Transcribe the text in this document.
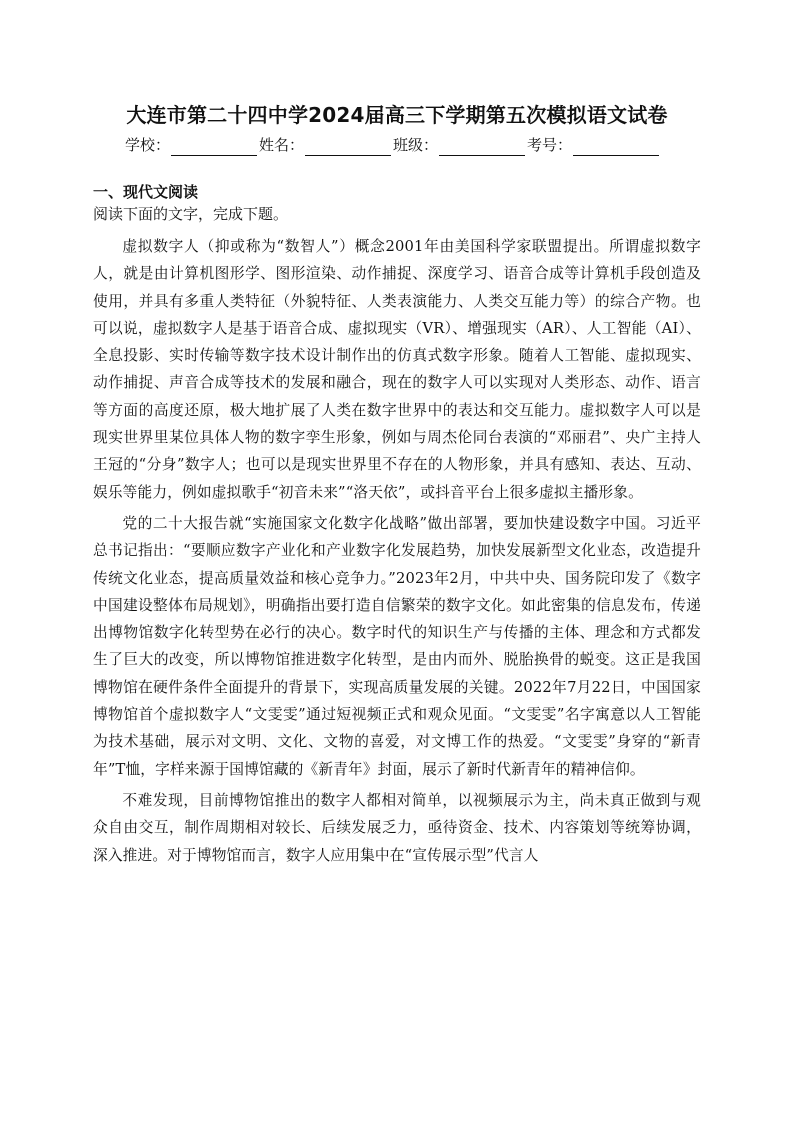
大连市第二十四中学2024届高三下学期第五次模拟语文试卷
学校：	姓名：	班级：	考号：
一、现代文阅读
阅读下面的文字，完成下题。

虚拟数字人（抑或称为“数智人”）概念2001年由美国科学家联盟提出。所谓虚拟数字人，就是由计算机图形学、图形渲染、动作捕捉、深度学习、语音合成等计算机手段创造及使用，并具有多重人类特征（外貌特征、人类表演能力、人类交互能力等）的综合产物。也可以说，虚拟数字人是基于语音合成、虚拟现实（VR）、增强现实（AR）、人工智能（AI）、全息投影、实时传输等数字技术设计制作出的仿真式数字形象。随着人工智能、虚拟现实、动作捕捉、声音合成等技术的发展和融合，现在的数字人可以实现对人类形态、动作、语言等方面的高度还原，极大地扩展了人类在数字世界中的表达和交互能力。虚拟数字人可以是现实世界里某位具体人物的数字孪生形象，例如与周杰伦同台表演的“邓丽君”、央广主持人王冠的“分身”数字人；也可以是现实世界里不存在的人物形象，并具有感知、表达、互动、娱乐等能力，例如虚拟歌手“初音未来”“洛天依”，或抖音平台上很多虚拟主播形象。

党的二十大报告就“实施国家文化数字化战略”做出部署，要加快建设数字中国。习近平总书记指出：“要顺应数字产业化和产业数字化发展趋势，加快发展新型文化业态，改造提升传统文化业态，提高质量效益和核心竞争力。”2023年2月，中共中央、国务院印发了《数字中国建设整体布局规划》，明确指出要打造自信繁荣的数字文化。如此密集的信息发布，传递出博物馆数字化转型势在必行的决心。数字时代的知识生产与传播的主体、理念和方式都发生了巨大的改变，所以博物馆推进数字化转型，是由内而外、脱胎换骨的蜕变。这正是我国博物馆在硬件条件全面提升的背景下，实现高质量发展的关键。2022年7月22日，中国国家博物馆首个虚拟数字人“文雯雯”通过短视频正式和观众见面。“文雯雯”名字寓意以人工智能为技术基础，展示对文明、文化、文物的喜爱，对文博工作的热爱。“文雯雯”身穿的“新青年”T恤，字样来源于国博馆藏的《新青年》封面，展示了新时代新青年的精神信仰。

不难发现，目前博物馆推出的数字人都相对简单，以视频展示为主，尚未真正做到与观众自由交互，制作周期相对较长、后续发展乏力，亟待资金、技术、内容策划等统筹协调，深入推进。对于博物馆而言，数字人应用集中在“宣传展示型”代言人
